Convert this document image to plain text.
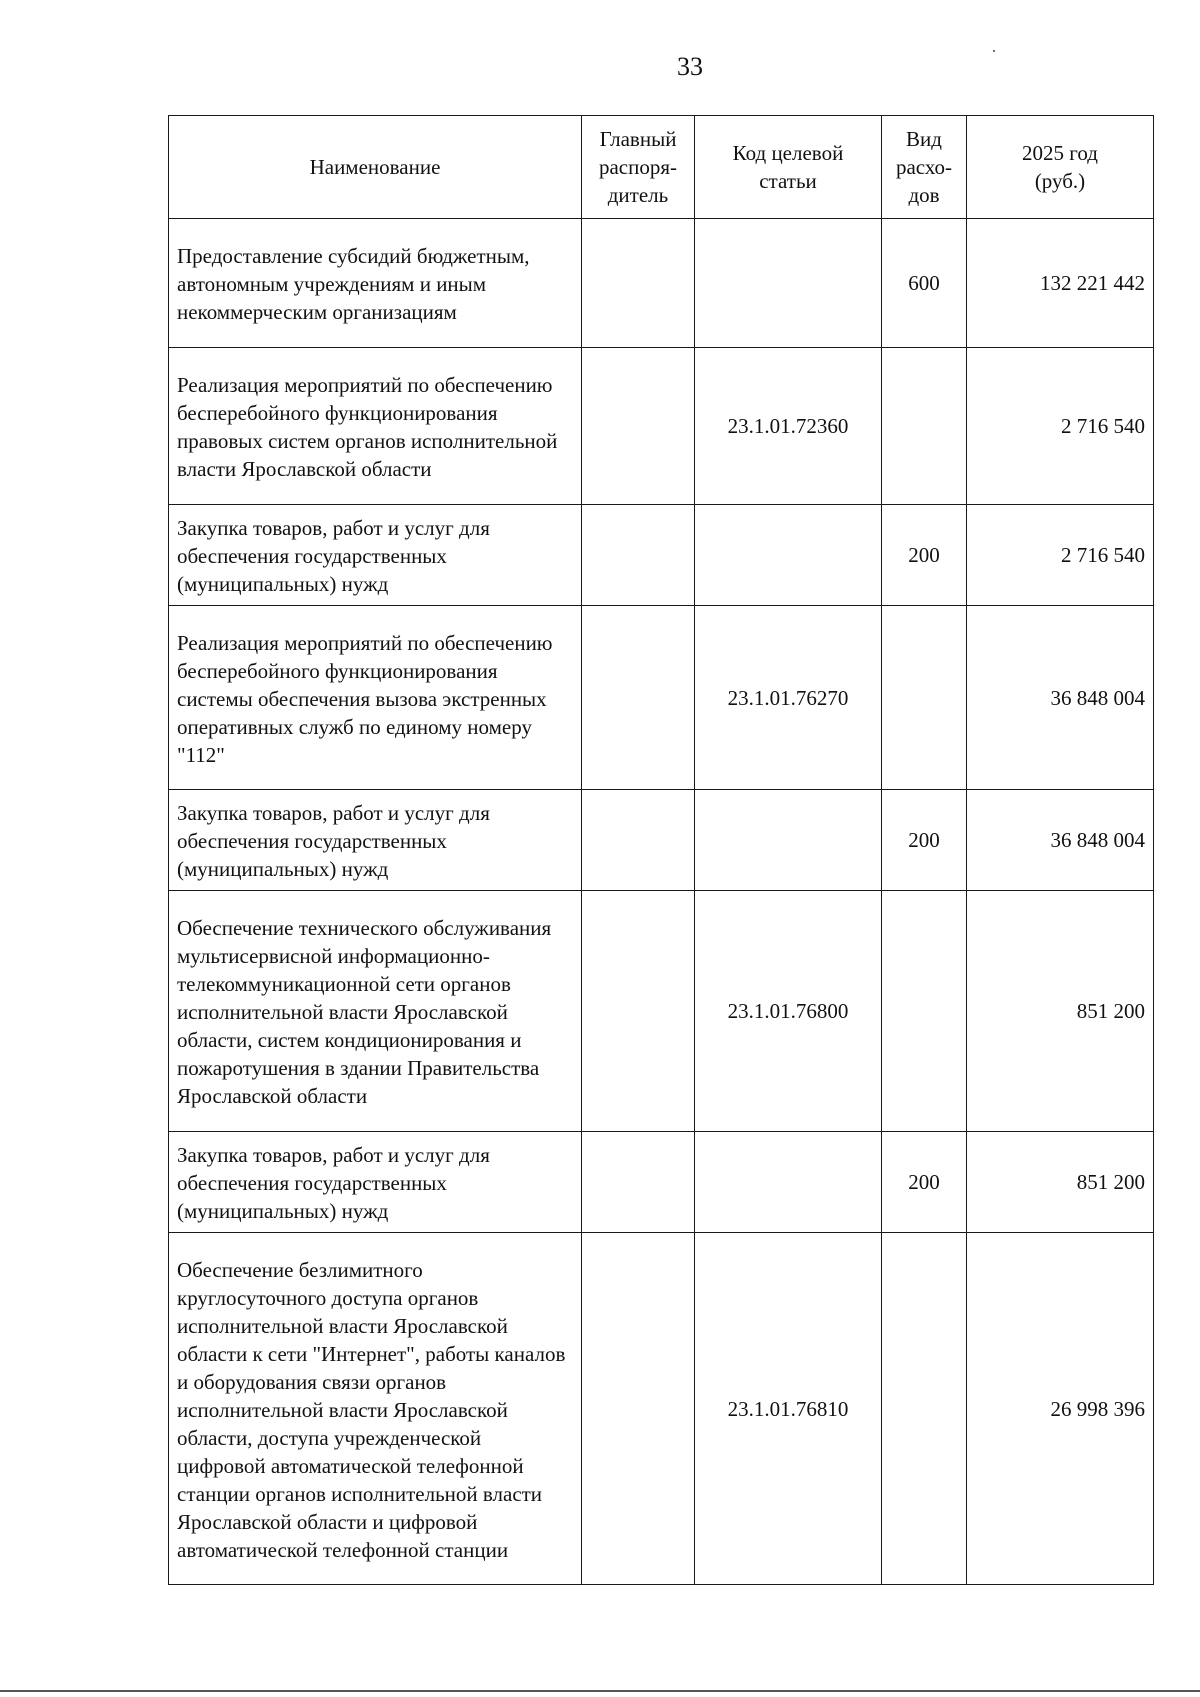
33
Наименование	Главный распоря-дитель	Код целевой статьи	Вид расхо-дов	2025 год (руб.)
Предоставление субсидий бюджетным, автономным учреждениям и иным некоммерческим организациям			600	132 221 442
Реализация мероприятий по обеспечению бесперебойного функционирования правовых систем органов исполнительной власти Ярославской области		23.1.01.72360		2 716 540
Закупка товаров, работ и услуг для обеспечения государственных (муниципальных) нужд			200	2 716 540
Реализация мероприятий по обеспечению бесперебойного функционирования системы обеспечения вызова экстренных оперативных служб по единому номеру "112"		23.1.01.76270		36 848 004
Закупка товаров, работ и услуг для обеспечения государственных (муниципальных) нужд			200	36 848 004
Обеспечение технического обслуживания мультисервисной информационно-телекоммуникационной сети органов исполнительной власти Ярославской области, систем кондиционирования и пожаротушения в здании Правительства Ярославской области		23.1.01.76800		851 200
Закупка товаров, работ и услуг для обеспечения государственных (муниципальных) нужд			200	851 200
Обеспечение безлимитного круглосуточного доступа органов исполнительной власти Ярославской области к сети "Интернет", работы каналов и оборудования связи органов исполнительной власти Ярославской области, доступа учрежденческой цифровой автоматической телефонной станции органов исполнительной власти Ярославской области и цифровой автоматической телефонной станции		23.1.01.76810		26 998 396
